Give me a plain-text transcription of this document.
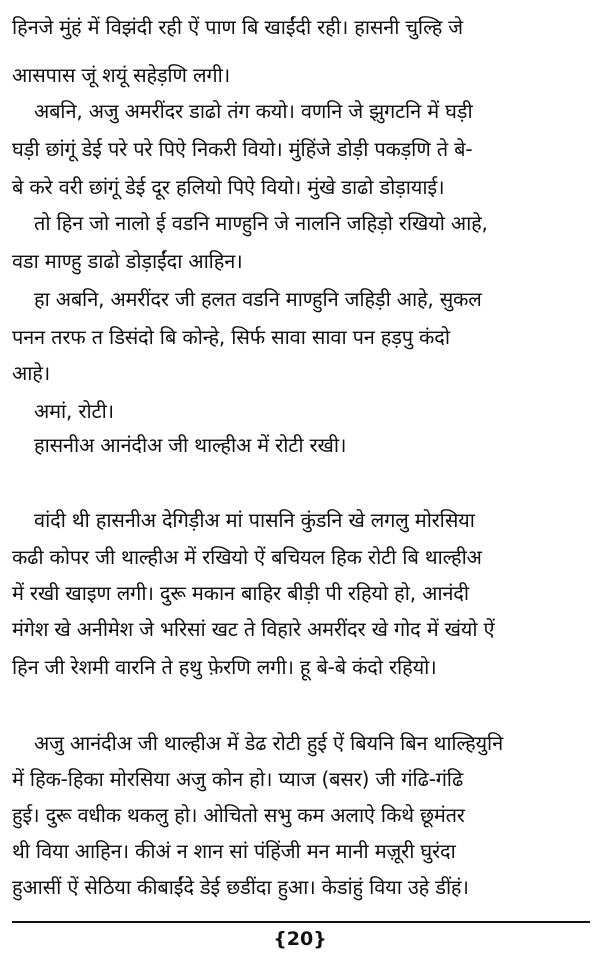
हिनजे मुंहं में विझंदी रही ऐं पाण बि खाईंदी रही। हासनी चुल्हि जे
आसपास जूं शयूं सहेड़णि लगी।
अबनि, अजु अमरींदर डाढो तंग कयो। वणनि जे झुगटनि में घड़ी
घड़ी छांगूं डेई परे परे पिऐ निकरी वियो। मुंहिंजे डोड़ी पकड़णि ते बे-
बे करे वरी छांगूं डेई दूर हलियो पिऐ वियो। मुंखे डाढो डोड़ायाई।
तो हिन जो नालो ई वडनि माण्हुनि जे नालनि जहिड़ो रखियो आहे,
वडा माण्हु डाढो डोड़ाईंदा आहिन।
हा अबनि, अमरींदर जी हलत वडनि माण्हुनि जहिड़ी आहे, सुकल
पनन तरफ त डिसंदो बि कोन्हे, सिर्फ सावा सावा पन हड़पु कंदो
आहे।
अमां, रोटी।
हासनीअ आनंदीअ जी थाल्हीअ में रोटी रखी।
वांदी थी हासनीअ देगिड़ीअ मां पासनि कुंडनि खे लगलु मोरसिया
कढी कोपर जी थाल्हीअ में रखियो ऐं बचियल हिक रोटी बि थाल्हीअ
में रखी खाइण लगी। दुरू मकान बाहिर बीड़ी पी रहियो हो, आनंदी
मंगेश खे अनीमेश जे भरिसां खट ते विहारे अमरींदर खे गोद में खंयो ऐं
हिन जी रेशमी वारनि ते हथु फ़ेरणि लगी। हू बे-बे कंदो रहियो।
अजु आनंदीअ जी थाल्हीअ में डेढ रोटी हुई ऐं बियनि बिन थाल्हियुनि
में हिक-हिका मोरसिया अजु कोन हो। प्याज (बसर) जी गंढि-गंढि
हुई। दुरू वधीक थकलु हो। ओचितो सभु कम अलाऐ किथे छूमंतर
थी विया आहिन। कीअं न शान सां पंहिंजी मन मानी मज़ूरी घुरंदा
हुआसीं ऐं सेठिया कीबाईंदे डेई छडींदा हुआ। केडांहुं विया उहे डींहं।
{20}
